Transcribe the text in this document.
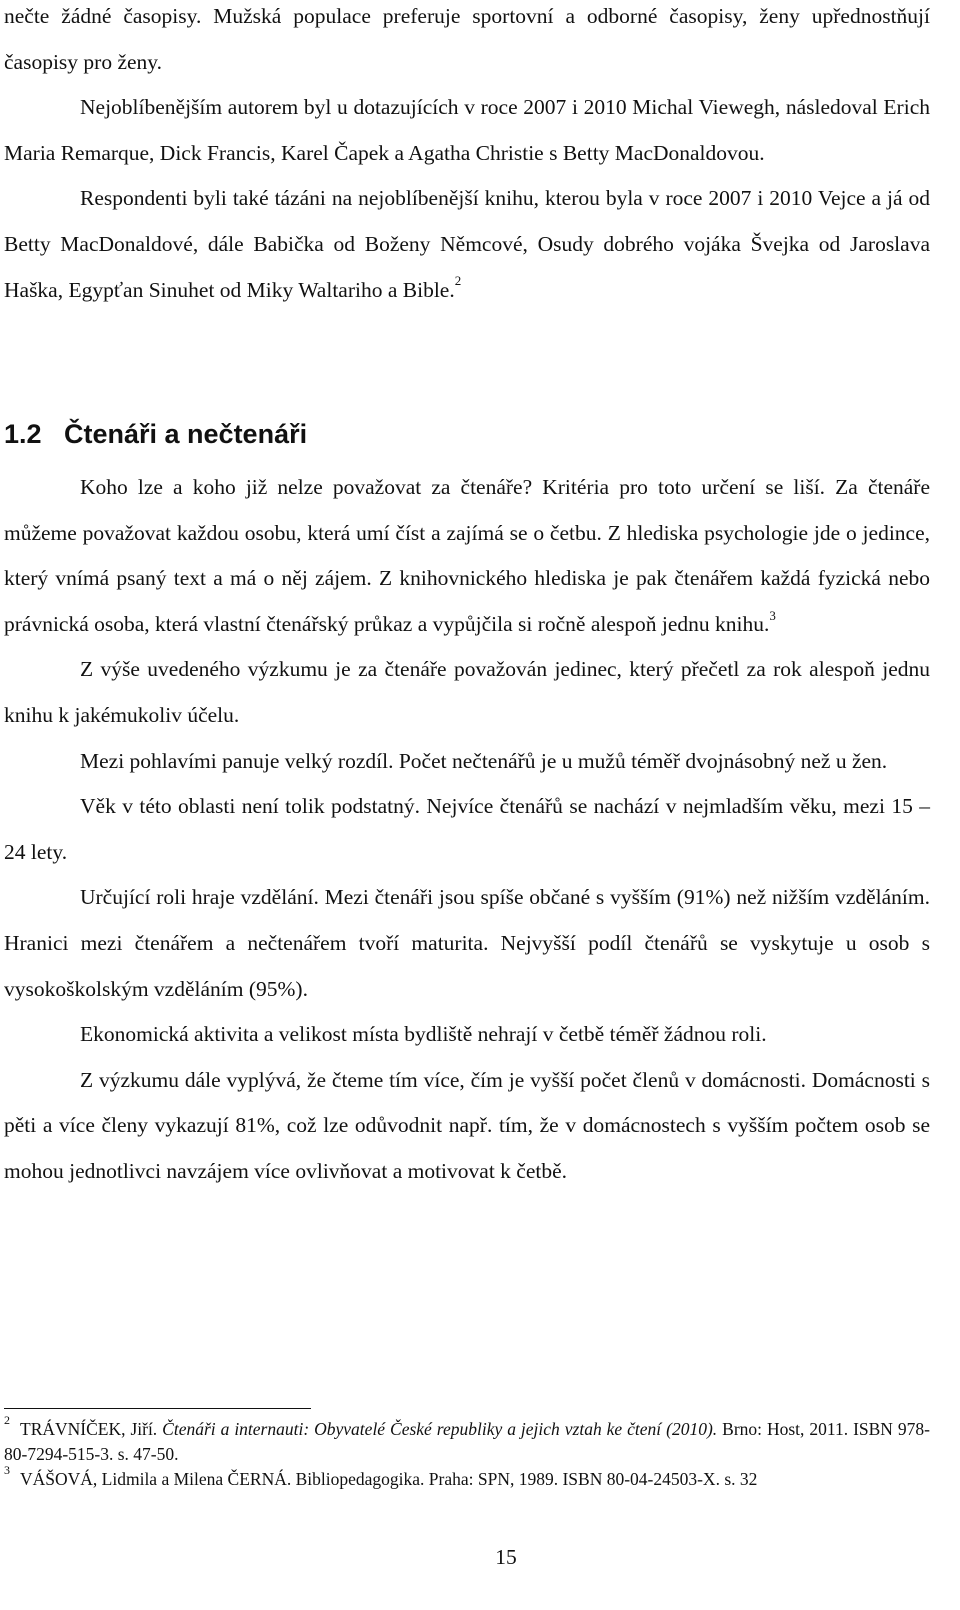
nečte žádné časopisy. Mužská populace preferuje sportovní a odborné časopisy, ženy upřednostňují časopisy pro ženy.

Nejoblíbenějším autorem byl u dotazujících v roce 2007 i 2010 Michal Viewegh, následoval Erich Maria Remarque, Dick Francis, Karel Čapek a Agatha Christie s Betty MacDonaldovou.

Respondenti byli také tázáni na nejoblíbenější knihu, kterou byla v roce 2007 i 2010 Vejce a já od Betty MacDonaldové, dále Babička od Boženy Němcové, Osudy dobrého vojáka Švejka od Jaroslava Haška, Egypťan Sinuhet od Miky Waltariho a Bible.$^2$

1.2 Čtenáři a nečtenáři

Koho lze a koho již nelze považovat za čtenáře? Kritéria pro toto určení se liší. Za čtenáře můžeme považovat každou osobu, která umí číst a zajímá se o četbu. Z hlediska psychologie jde o jedince, který vnímá psaný text a má o něj zájem. Z knihovnického hlediska je pak čtenářem každá fyzická nebo právnická osoba, která vlastní čtenářský průkaz a vypůjčila si ročně alespoň jednu knihu.$^3$

Z výše uvedeného výzkumu je za čtenáře považován jedinec, který přečetl za rok alespoň jednu knihu k jakémukoliv účelu.

Mezi pohlavími panuje velký rozdíl. Počet nečtenářů je u mužů téměř dvojnásobný než u žen.

Věk v této oblasti není tolik podstatný. Nejvíce čtenářů se nachází v nejmladším věku, mezi 15 – 24 lety.

Určující roli hraje vzdělání. Mezi čtenáři jsou spíše občané s vyšším (91%) než nižším vzděláním. Hranici mezi čtenářem a nečtenářem tvoří maturita. Nejvyšší podíl čtenářů se vyskytuje u osob s vysokoškolským vzděláním (95%).

Ekonomická aktivita a velikost místa bydliště nehrají v četbě téměř žádnou roli.

Z výzkumu dále vyplývá, že čteme tím více, čím je vyšší počet členů v domácnosti. Domácnosti s pěti a více členy vykazují 81%, což lze odůvodnit např. tím, že v domácnostech s vyšším počtem osob se mohou jednotlivci navzájem více ovlivňovat a motivovat k četbě.

$^2$ TRÁVNÍČEK, Jiří. Čtenáři a internauti: Obyvatelé České republiky a jejich vztah ke čtení (2010). Brno: Host, 2011. ISBN 978-80-7294-515-3. s. 47-50.

$^3$ VÁŠOVÁ, Lidmila a Milena ČERNÁ. Bibliopedagogika. Praha: SPN, 1989. ISBN 80-04-24503-X. s. 32

15
